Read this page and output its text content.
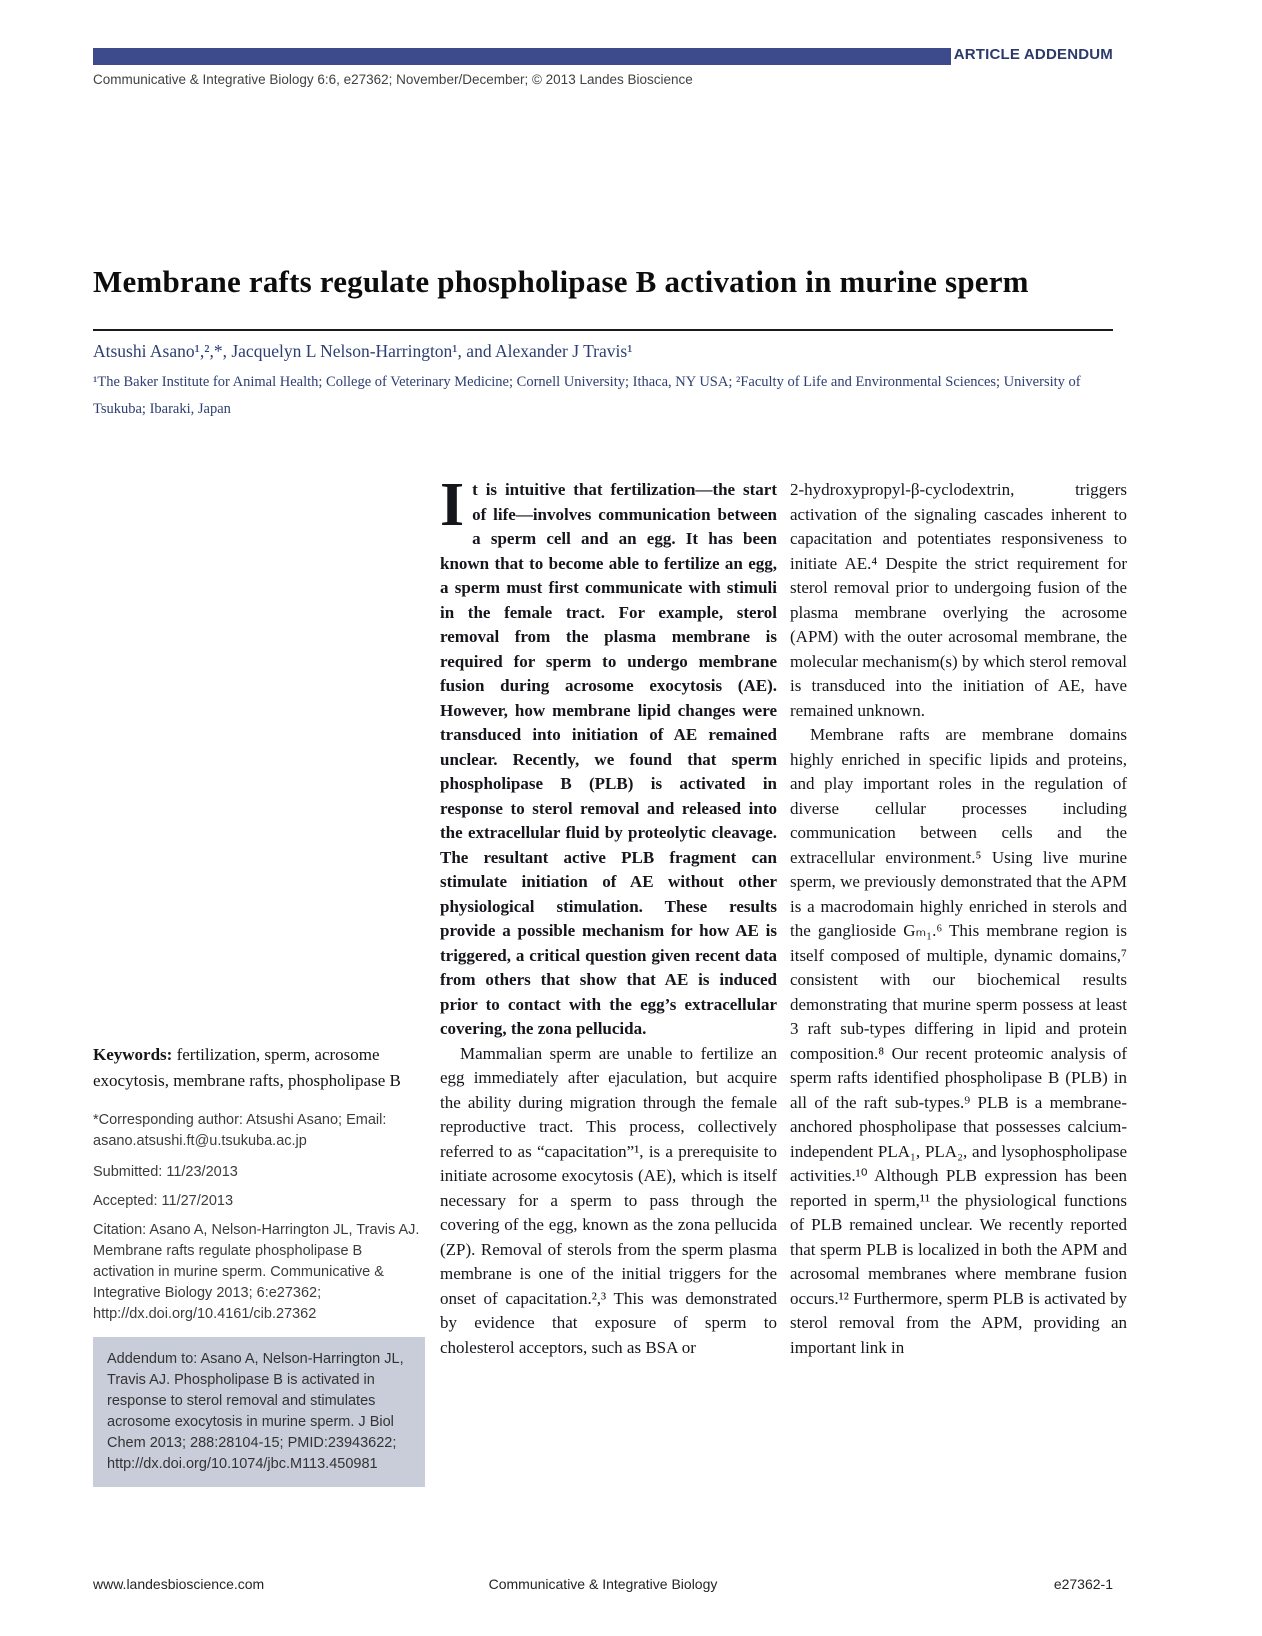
ARTICLE ADDENDUM
Communicative & Integrative Biology 6:6, e27362; November/December; © 2013 Landes Bioscience
Membrane rafts regulate phospholipase B activation in murine sperm
Atsushi Asano¹,²,*, Jacquelyn L Nelson-Harrington¹, and Alexander J Travis¹
¹The Baker Institute for Animal Health; College of Veterinary Medicine; Cornell University; Ithaca, NY USA; ²Faculty of Life and Environmental Sciences; University of Tsukuba; Ibaraki, Japan

Keywords: fertilization, sperm, acrosome exocytosis, membrane rafts, phospholipase B

*Corresponding author: Atsushi Asano; Email: asano.atsushi.ft@u.tsukuba.ac.jp

Submitted: 11/23/2013

Accepted: 11/27/2013

Citation: Asano A, Nelson-Harrington JL, Travis AJ. Membrane rafts regulate phospholipase B activation in murine sperm. Communicative & Integrative Biology 2013; 6:e27362; http://dx.doi.org/10.4161/cib.27362

Addendum to: Asano A, Nelson-Harrington JL, Travis AJ. Phospholipase B is activated in response to sterol removal and stimulates acrosome exocytosis in murine sperm. J Biol Chem 2013; 288:28104-15; PMID:23943622; http://dx.doi.org/10.1074/jbc.M113.450981

It is intuitive that fertilization—the start of life—involves communication between a sperm cell and an egg. It has been known that to become able to fertilize an egg, a sperm must first communicate with stimuli in the female tract. For example, sterol removal from the plasma membrane is required for sperm to undergo membrane fusion during acrosome exocytosis (AE). However, how membrane lipid changes were transduced into initiation of AE remained unclear. Recently, we found that sperm phospholipase B (PLB) is activated in response to sterol removal and released into the extracellular fluid by proteolytic cleavage. The resultant active PLB fragment can stimulate initiation of AE without other physiological stimulation. These results provide a possible mechanism for how AE is triggered, a critical question given recent data from others that show that AE is induced prior to contact with the egg’s extracellular covering, the zona pellucida.

Mammalian sperm are unable to fertilize an egg immediately after ejaculation, but acquire the ability during migration through the female reproductive tract. This process, collectively referred to as “capacitation”¹, is a prerequisite to initiate acrosome exocytosis (AE), which is itself necessary for a sperm to pass through the covering of the egg, known as the zona pellucida (ZP). Removal of sterols from the sperm plasma membrane is one of the initial triggers for the onset of capacitation.²,³ This was demonstrated by evidence that exposure of sperm to cholesterol acceptors, such as BSA or

2-hydroxypropyl-β-cyclodextrin, triggers activation of the signaling cascades inherent to capacitation and potentiates responsiveness to initiate AE.⁴ Despite the strict requirement for sterol removal prior to undergoing fusion of the plasma membrane overlying the acrosome (APM) with the outer acrosomal membrane, the molecular mechanism(s) by which sterol removal is transduced into the initiation of AE, have remained unknown.

Membrane rafts are membrane domains highly enriched in specific lipids and proteins, and play important roles in the regulation of diverse cellular processes including communication between cells and the extracellular environment.⁵ Using live murine sperm, we previously demonstrated that the APM is a macrodomain highly enriched in sterols and the ganglioside Gₘ₁.⁶ This membrane region is itself composed of multiple, dynamic domains,⁷ consistent with our biochemical results demonstrating that murine sperm possess at least 3 raft sub-types differing in lipid and protein composition.⁸ Our recent proteomic analysis of sperm rafts identified phospholipase B (PLB) in all of the raft sub-types.⁹ PLB is a membrane-anchored phospholipase that possesses calcium-independent PLA₁, PLA₂, and lysophospholipase activities.¹⁰ Although PLB expression has been reported in sperm,¹¹ the physiological functions of PLB remained unclear. We recently reported that sperm PLB is localized in both the APM and acrosomal membranes where membrane fusion occurs.¹² Furthermore, sperm PLB is activated by sterol removal from the APM, providing an important link in

www.landesbioscience.com	Communicative & Integrative Biology	e27362-1
